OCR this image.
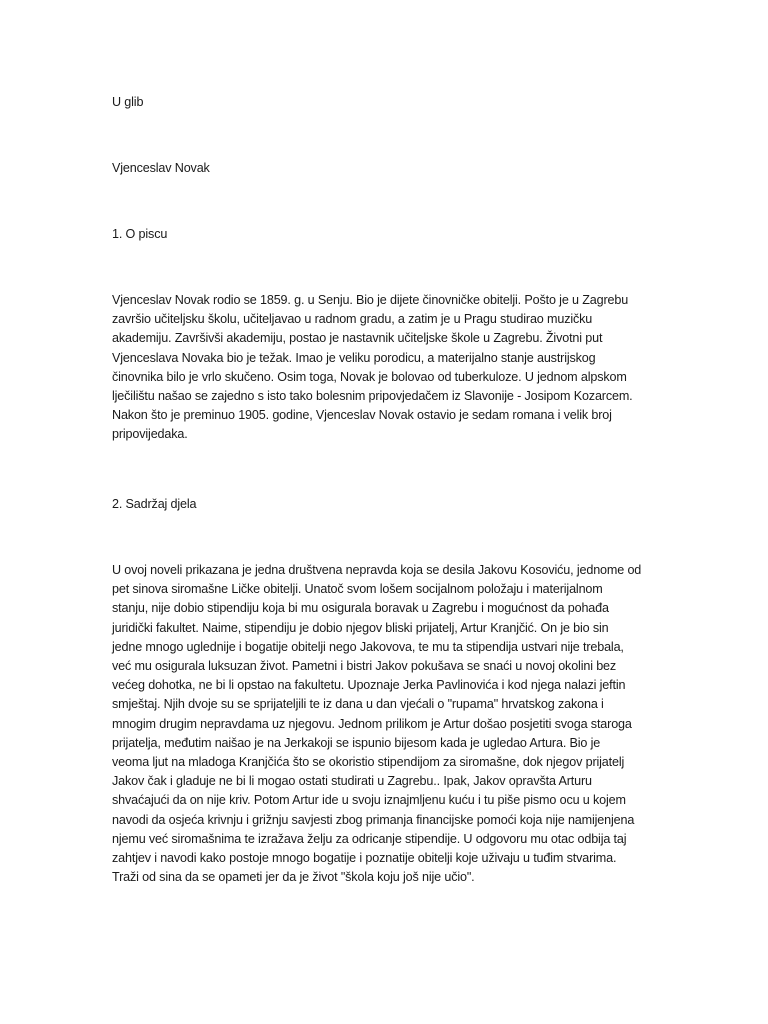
U glib
Vjenceslav Novak
1. O piscu
Vjenceslav Novak rodio se 1859. g. u Senju. Bio je dijete činovničke obitelji. Pošto je u Zagrebu
završio učiteljsku školu, učiteljavao u radnom gradu, a zatim je u Pragu studirao muzičku
akademiju. Završivši akademiju, postao je nastavnik učiteljske škole u Zagrebu. Životni put
Vjenceslava Novaka bio je težak. Imao je veliku porodicu, a materijalno stanje austrijskog
činovnika bilo je vrlo skučeno. Osim toga, Novak je bolovao od tuberkuloze. U jednom alpskom
lječilištu našao se zajedno s isto tako bolesnim pripovjedačem iz Slavonije - Josipom Kozarcem.
Nakon što je preminuo 1905. godine, Vjenceslav Novak ostavio je sedam romana i velik broj
pripovijedaka.
2. Sadržaj djela
U ovoj noveli prikazana je jedna društvena nepravda koja se desila Jakovu Kosoviću, jednome od
pet sinova siromašne Ličke obitelji. Unatoč svom lošem socijalnom položaju i materijalnom
stanju, nije dobio stipendiju koja bi mu osigurala boravak u Zagrebu i mogućnost da pohađa
juridički fakultet. Naime, stipendiju je dobio njegov bliski prijatelj, Artur Kranjčić. On je bio sin
jedne mnogo uglednije i bogatije obitelji nego Jakovova, te mu ta stipendija ustvari nije trebala,
već mu osigurala luksuzan život. Pametni i bistri Jakov pokušava se snaći u novoj okolini bez
većeg dohotka, ne bi li opstao na fakultetu. Upoznaje Jerka Pavlinovića i kod njega nalazi jeftin
smještaj. Njih dvoje su se sprijateljili te iz dana u dan vjećali o "rupama" hrvatskog zakona i
mnogim drugim nepravdama uz njegovu. Jednom prilikom je Artur došao posjetiti svoga staroga
prijatelja, međutim naišao je na Jerkakoji se ispunio bijesom kada je ugledao Artura. Bio je
veoma ljut na mladoga Kranjčića što se okoristio stipendijom za siromašne, dok njegov prijatelj
Jakov čak i gladuje ne bi li mogao ostati studirati u Zagrebu.. Ipak, Jakov opravšta Arturu
shvaćajući da on nije kriv. Potom Artur ide u svoju iznajmljenu kuću i tu piše pismo ocu u kojem
navodi da osjeća krivnju i grižnju savjesti zbog primanja financijske pomoći koja nije namijenjena
njemu već siromašnima te izražava želju za odricanje stipendije. U odgovoru mu otac odbija taj
zahtjev i navodi kako postoje mnogo bogatije i poznatije obitelji koje uživaju u tuđim stvarima.
Traži od sina da se opameti jer da je život "škola koju još nije učio".
